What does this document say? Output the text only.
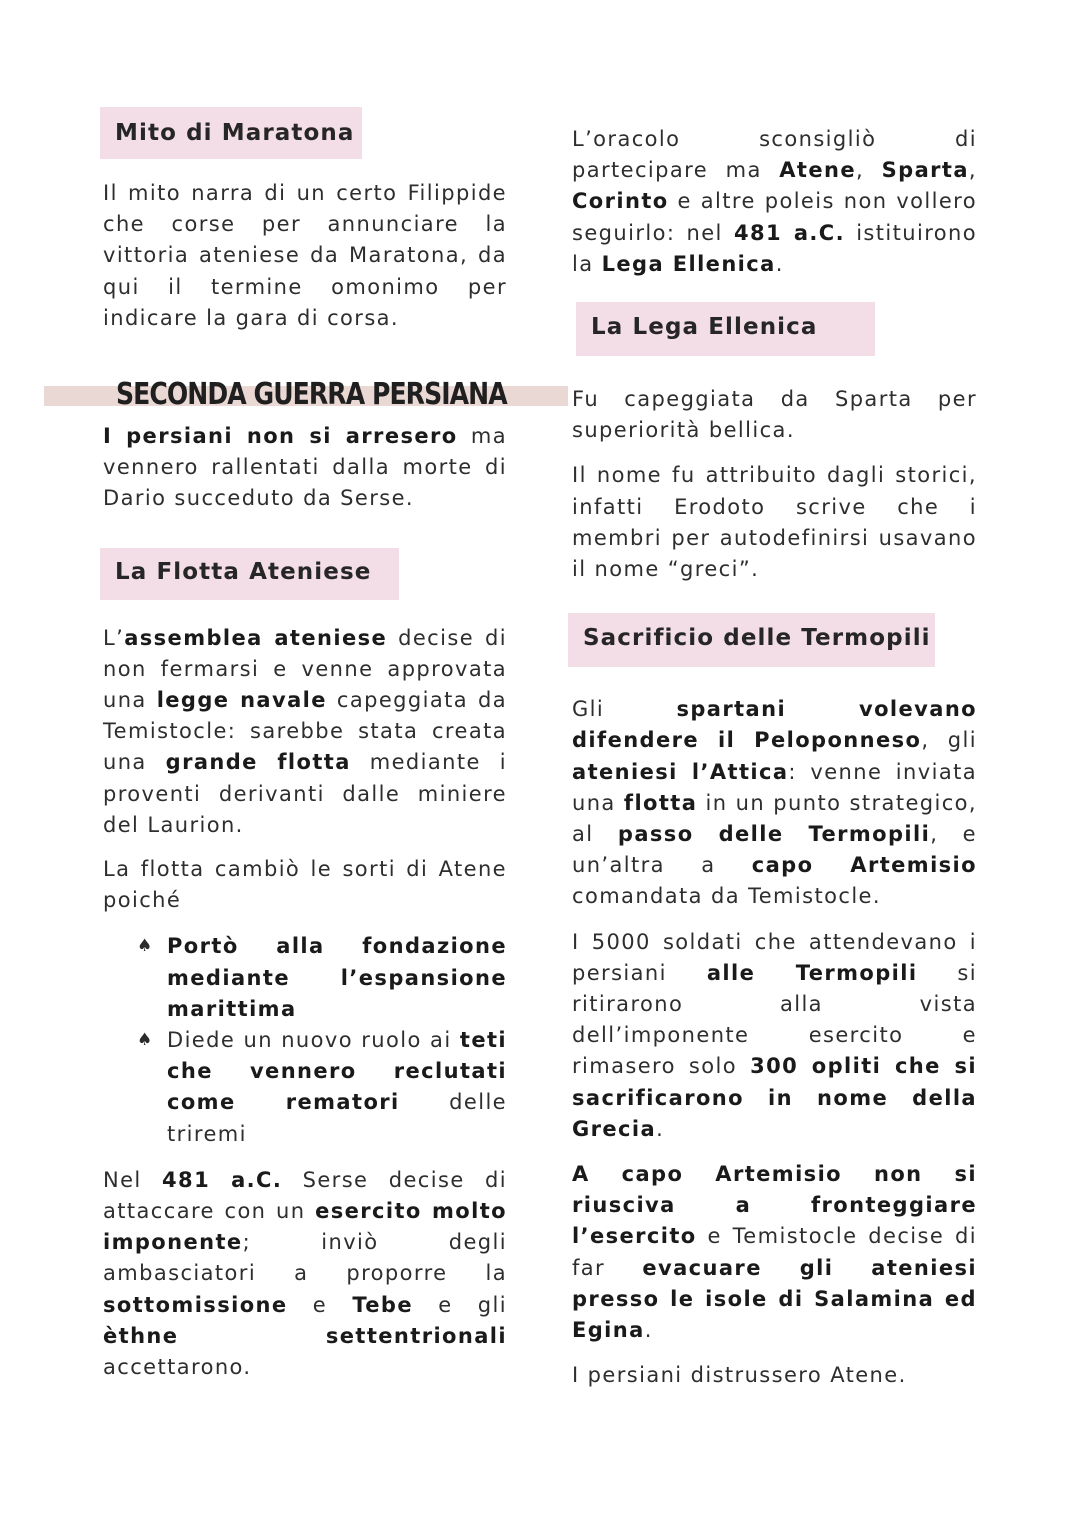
SECONDA GUERRA PERSIANA
Mito di Maratona

Il mito narra di un certo Filippide che corse per annunciare la vittoria ateniese da Maratona, da qui il termine omonimo per indicare la gara di corsa.

I persiani non si arresero ma vennero rallentati dalla morte di Dario succeduto da Serse.

La Flotta Ateniese

L’assemblea ateniese decise di non fermarsi e venne approvata una legge navale capeggiata da Temistocle: sarebbe stata creata una grande flotta mediante i proventi derivanti dalle miniere del Laurion.

La flotta cambiò le sorti di Atene poiché

♠ Portò alla fondazione mediante l’espansione marittima
♠ Diede un nuovo ruolo ai teti che vennero reclutati come rematori delle triremi

Nel 481 a.C. Serse decise di attaccare con un esercito molto imponente; inviò degli ambasciatori a proporre la sottomissione e Tebe e gli èthne settentrionali accettarono.

L’oracolo sconsigliò di partecipare ma Atene, Sparta, Corinto e altre poleis non vollero seguirlo: nel 481 a.C. istituirono la Lega Ellenica.

La Lega Ellenica

Fu capeggiata da Sparta per superiorità bellica.

Il nome fu attribuito dagli storici, infatti Erodoto scrive che i membri per autodefinirsi usavano il nome “greci”.

Sacrificio delle Termopili

Gli spartani volevano difendere il Peloponneso, gli ateniesi l’Attica: venne inviata una flotta in un punto strategico, al passo delle Termopili, e un’altra a capo Artemisio comandata da Temistocle.

I 5000 soldati che attendevano i persiani alle Termopili si ritirarono alla vista dell’imponente esercito e rimasero solo 300 opliti che si sacrificarono in nome della Grecia.

A capo Artemisio non si riusciva a fronteggiare l’esercito e Temistocle decise di far evacuare gli ateniesi presso le isole di Salamina ed Egina.

I persiani distrussero Atene.
